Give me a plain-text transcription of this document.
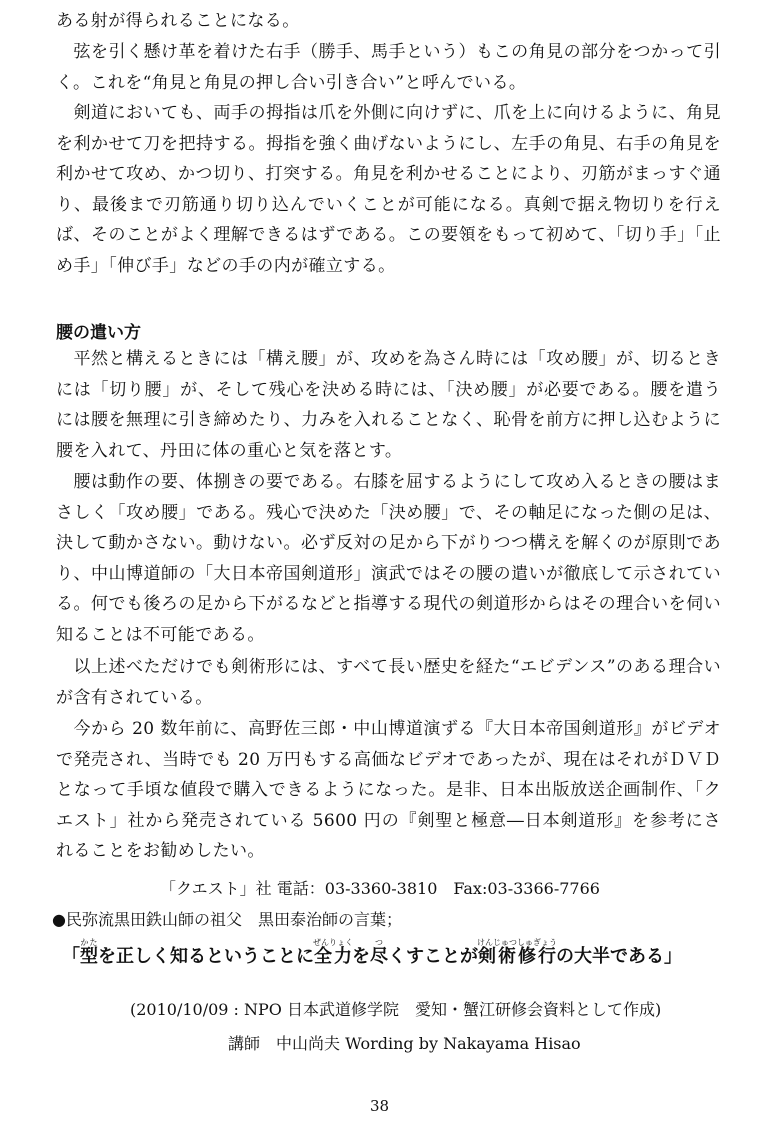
ある射が得られることになる。

　弦を引く懸け革を着けた右手（勝手、馬手という）もこの角見の部分をつかって引く。これを“角見と角見の押し合い引き合い”と呼んでいる。

　剣道においても、両手の拇指は爪を外側に向けずに、爪を上に向けるように、角見を利かせて刀を把持する。拇指を強く曲げないようにし、左手の角見、右手の角見を利かせて攻め、かつ切り、打突する。角見を利かせることにより、刃筋がまっすぐ通り、最後まで刃筋通り切り込んでいくことが可能になる。真剣で据え物切りを行えば、そのことがよく理解できるはずである。この要領をもって初めて、「切り手」「止め手」「伸び手」などの手の内が確立する。

腰の遣い方

　平然と構えるときには「構え腰」が、攻めを為さん時には「攻め腰」が、切るときには「切り腰」が、そして残心を決める時には、「決め腰」が必要である。腰を遣うには腰を無理に引き締めたり、力みを入れることなく、恥骨を前方に押し込むように腰を入れて、丹田に体の重心と気を落とす。

　腰は動作の要、体捌きの要である。右膝を屈するようにして攻め入るときの腰はまさしく「攻め腰」である。残心で決めた「決め腰」で、その軸足になった側の足は、決して動かさない。動けない。必ず反対の足から下がりつつ構えを解くのが原則であり、中山博道師の「大日本帝国剣道形」演武ではその腰の遣いが徹底して示されている。何でも後ろの足から下がるなどと指導する現代の剣道形からはその理合いを伺い知ることは不可能である。

　以上述べただけでも剣術形には、すべて長い歴史を経た“エビデンス”のある理合いが含有されている。

　今から 20 数年前に、高野佐三郎・中山博道演ずる『大日本帝国剣道形』がビデオで発売され、当時でも 20 万円もする高価なビデオであったが、現在はそれがＤＶＤとなって手頃な値段で購入できるようになった。是非、日本出版放送企画制作、「クエスト」社から発売されている 5600 円の『剣聖と極意―日本剣道形』を参考にされることをお勧めしたい。

「クエスト」社 電話：03-3360-3810　Fax:03-3366-7766

●民弥流黒田鉄山師の祖父　黒田泰治師の言葉；

「型かたを正しく知るということに全力ぜんりょくを尽つくすことが剣術修行けんじゅつしゅぎょうの大半である」

(2010/10/09 : NPO 日本武道修学院　愛知・蟹江研修会資料として作成)

講師　中山尚夫 Wording by Nakayama Hisao

38
